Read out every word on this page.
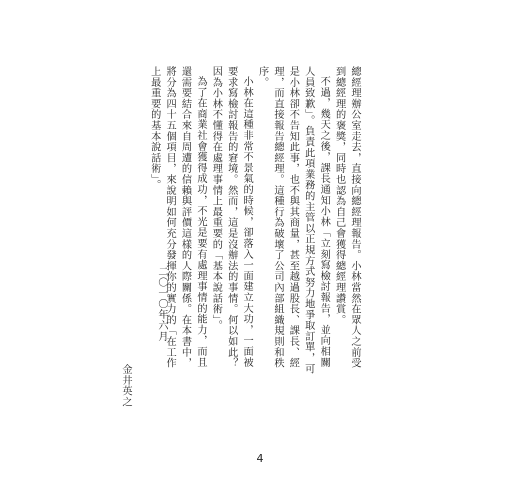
總經理辦公室走去，直接向總經理報告。小林當然在眾人之前受到總經理的褒獎，同時也認為自己會獲得總經理讚賞。

不過，幾天之後，課長通知小林「立刻寫檢討報告，並向相關人員致歉」。負責此項業務的主管以正規方式努力地爭取訂單，可是小林卻不告知此事，也不與其商量，甚至越過股長、課長、經理，而直接報告總經理。這種行為破壞了公司內部組織規則和秩序。

小林在這種非常不景氣的時候，卻落入一面建立大功，一面被要求寫檢討報告的窘境。然而，這是沒辦法的事情。何以如此？因為小林不懂得在處理事情上最重要的「基本說話術」。

為了在商業社會獲得成功，不光是要有處理事情的能力，而且還需要結合來自周遭的信賴與評價這樣的人際關係。在本書中，將分為四十五個項目，來說明如何充分發揮你的實力的「在工作上最重要的基本說話術」。

二〇一〇年六月
金井英之
4
